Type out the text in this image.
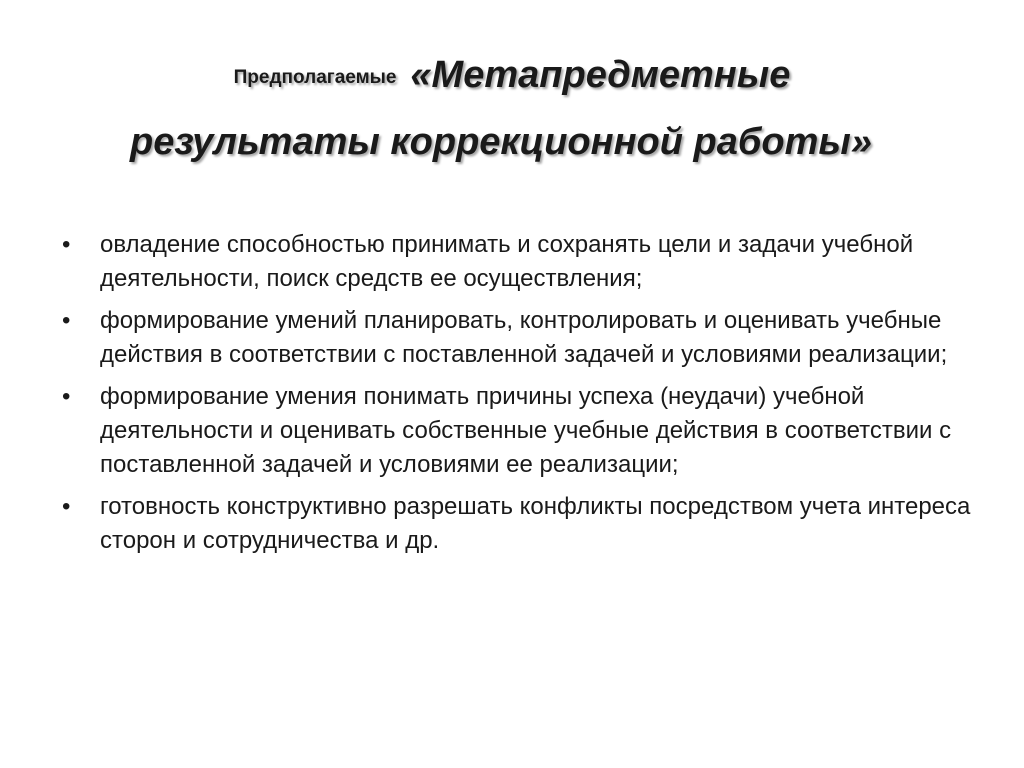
Предполагаемые «Метапредметные
результаты коррекционной работы»
• овладение способностью принимать и сохранять цели и задачи учебной деятельности, поиск средств ее осуществления;
• формирование умений планировать, контролировать и оценивать учебные действия в соответствии с поставленной задачей и условиями реализации;
• формирование умения понимать причины успеха (неудачи) учебной деятельности и оценивать собственные учебные действия в соответствии с поставленной задачей и условиями ее реализации;
• готовность конструктивно разрешать конфликты посредством учета интереса сторон и сотрудничества и др.
